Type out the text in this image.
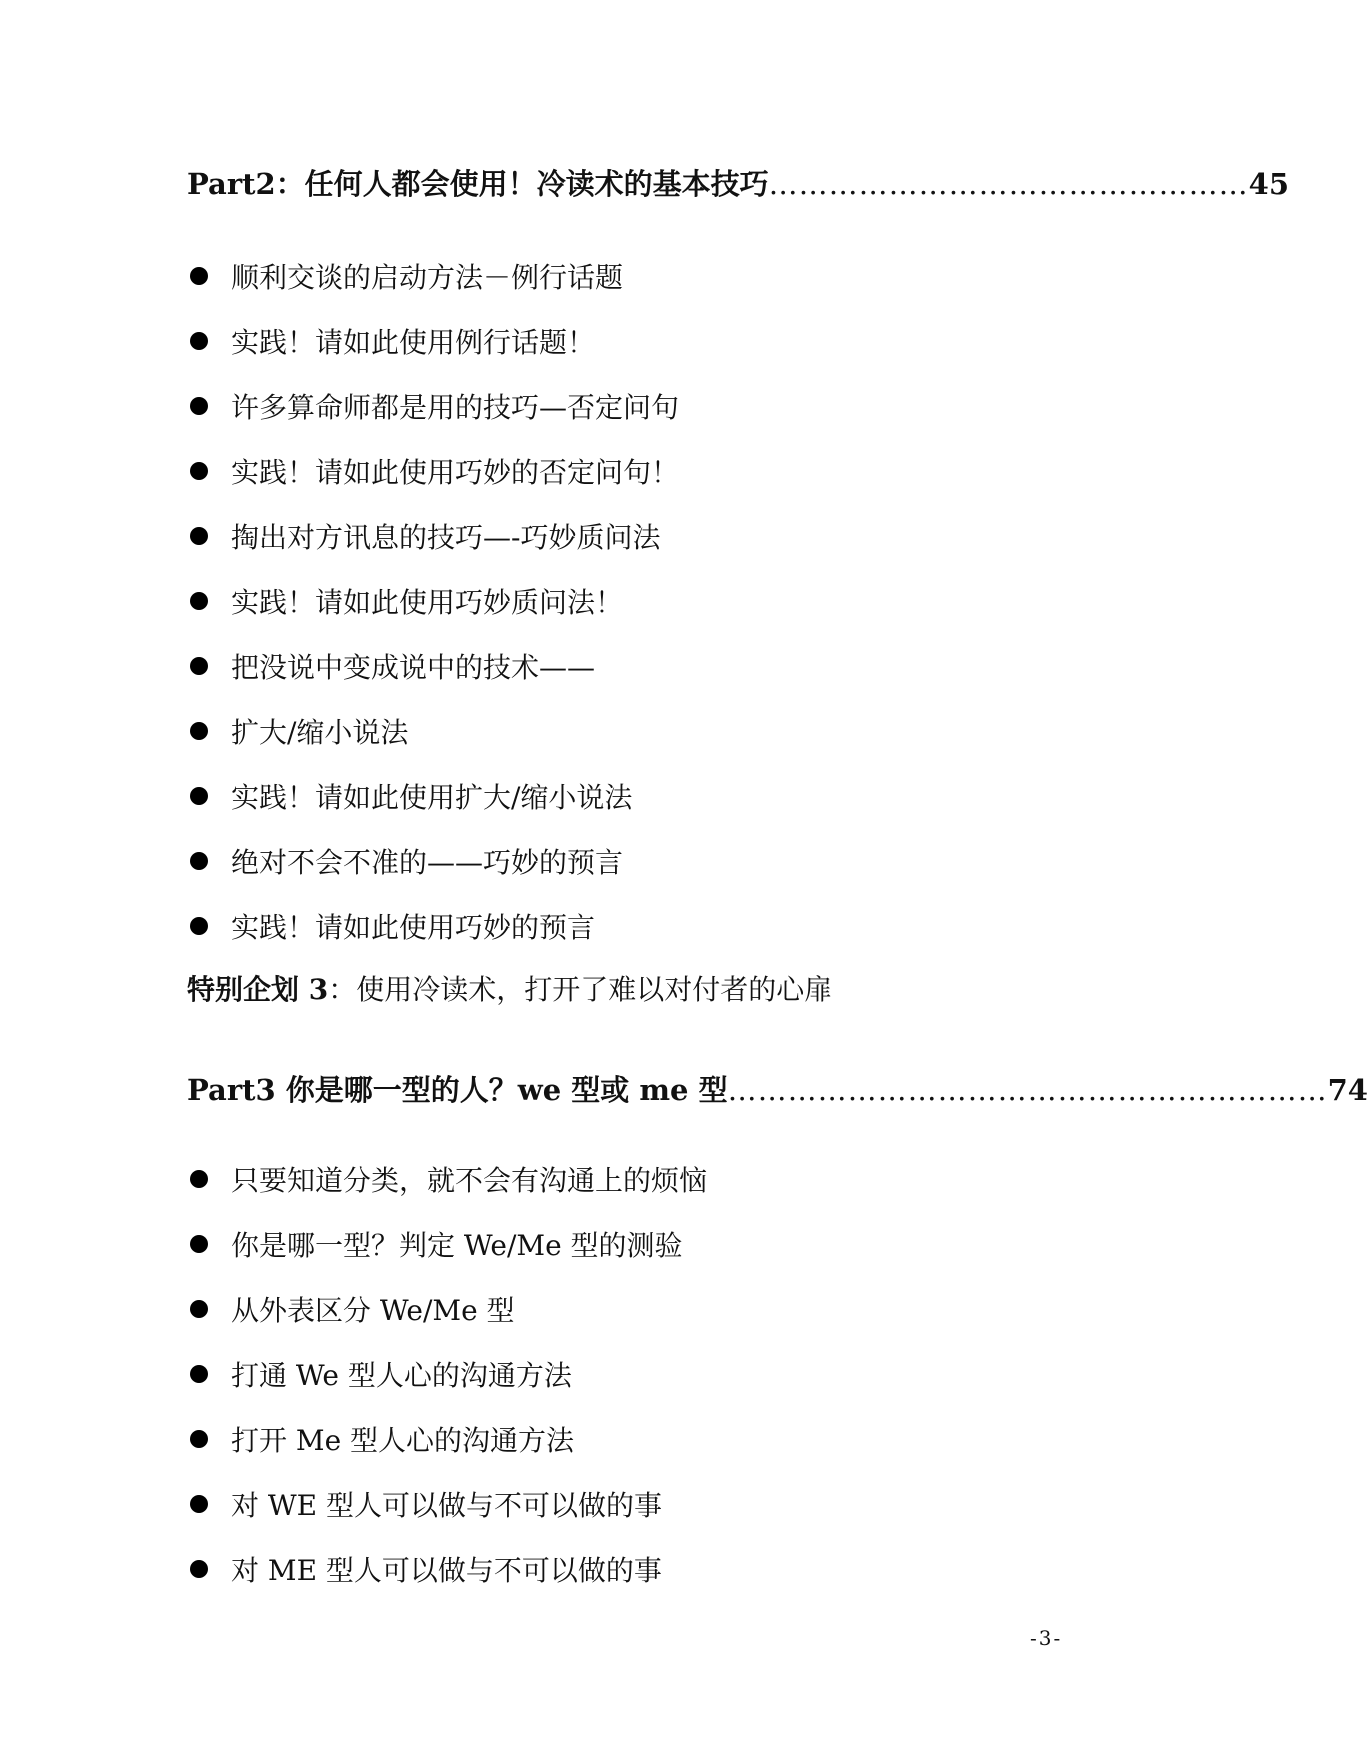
Part2：任何人都会使用！冷读术的基本技巧 ………………………………………… 45
顺利交谈的启动方法－例行话题
实践！请如此使用例行话题！
许多算命师都是用的技巧—否定问句
实践！请如此使用巧妙的否定问句！
掏出对方讯息的技巧—-巧妙质问法
实践！请如此使用巧妙质问法！
把没说中变成说中的技术——
扩大/缩小说法
实践！请如此使用扩大/缩小说法
绝对不会不准的——巧妙的预言
实践！请如此使用巧妙的预言
特别企划 3：使用冷读术，打开了难以对付者的心扉
Part3 你是哪一型的人？we 型或 me 型 …………………………………………………… 74
只要知道分类，就不会有沟通上的烦恼
你是哪一型？判定 We/Me 型的测验
从外表区分 We/Me 型
打通 We 型人心的沟通方法
打开 Me 型人心的沟通方法
对 WE 型人可以做与不可以做的事
对 ME 型人可以做与不可以做的事
-3-
